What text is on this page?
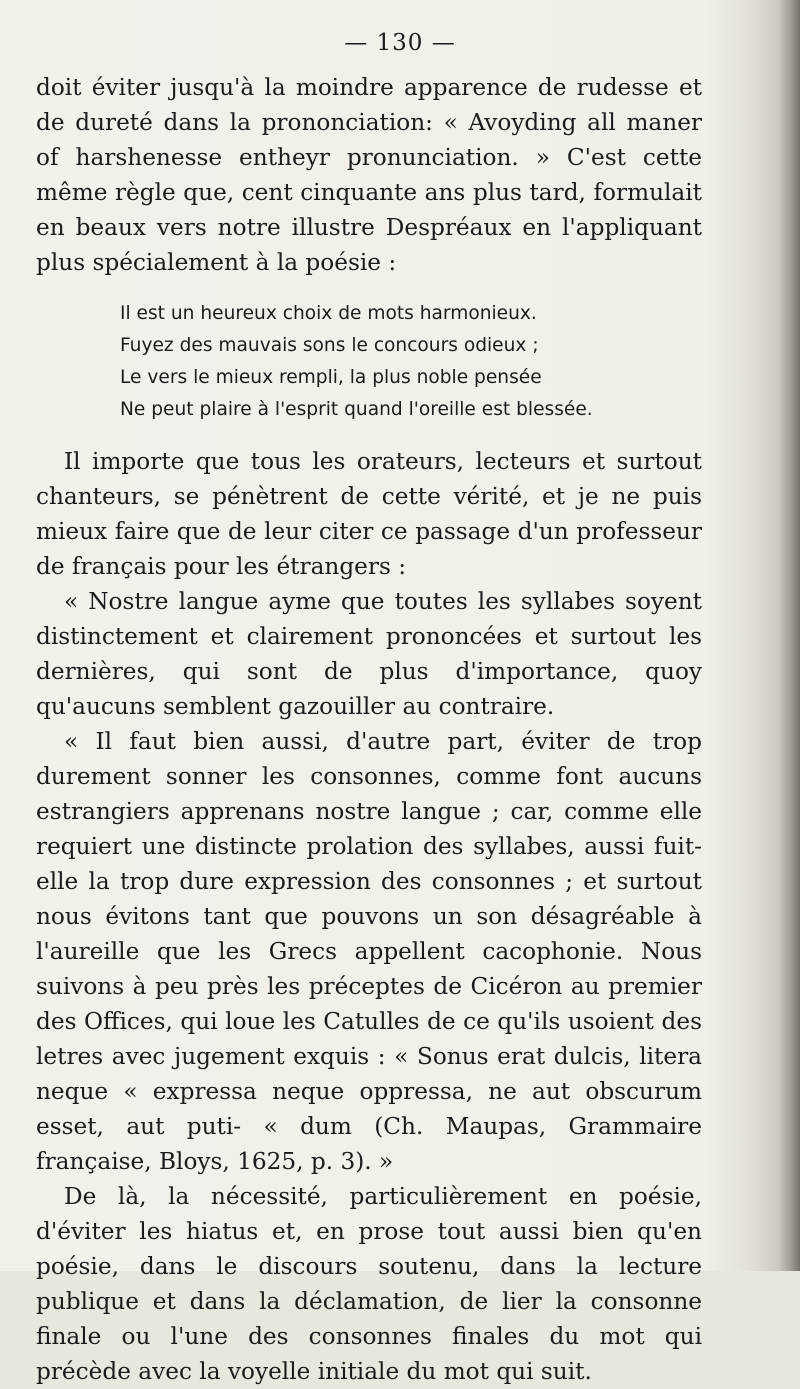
— 130 —

doit éviter jusqu'à la moindre apparence de rudesse et de dureté dans la prononciation: « Avoyding all maner of harshenesse entheyr pronunciation. » C'est cette même règle que, cent cinquante ans plus tard, formulait en beaux vers notre illustre Despréaux en l'appliquant plus spécialement à la poésie :

Il est un heureux choix de mots harmonieux.
Fuyez des mauvais sons le concours odieux ;
Le vers le mieux rempli, la plus noble pensée
Ne peut plaire à l'esprit quand l'oreille est blessée.

Il importe que tous les orateurs, lecteurs et surtout chanteurs, se pénètrent de cette vérité, et je ne puis mieux faire que de leur citer ce passage d'un professeur de français pour les étrangers :

« Nostre langue ayme que toutes les syllabes soyent distinctement et clairement prononcées et surtout les dernières, qui sont de plus d'importance, quoy qu'aucuns semblent gazouiller au contraire.

« Il faut bien aussi, d'autre part, éviter de trop durement sonner les consonnes, comme font aucuns estrangiers apprenans nostre langue ; car, comme elle requiert une distincte prolation des syllabes, aussi fuit-elle la trop dure expression des consonnes ; et surtout nous évitons tant que pouvons un son désagréable à l'aureille que les Grecs appellent cacophonie. Nous suivons à peu près les préceptes de Cicéron au premier des Offices, qui loue les Catulles de ce qu'ils usoient des letres avec jugement exquis : « Sonus erat dulcis, litera neque « expressa neque oppressa, ne aut obscurum esset, aut puti- « dum (Ch. Maupas, Grammaire française, Bloys, 1625, p. 3). »

De là, la nécessité, particulièrement en poésie, d'éviter les hiatus et, en prose tout aussi bien qu'en poésie, dans le discours soutenu, dans la lecture publique et dans la déclamation, de lier la consonne finale ou l'une des consonnes finales du mot qui précède avec la voyelle initiale du mot qui suit.
